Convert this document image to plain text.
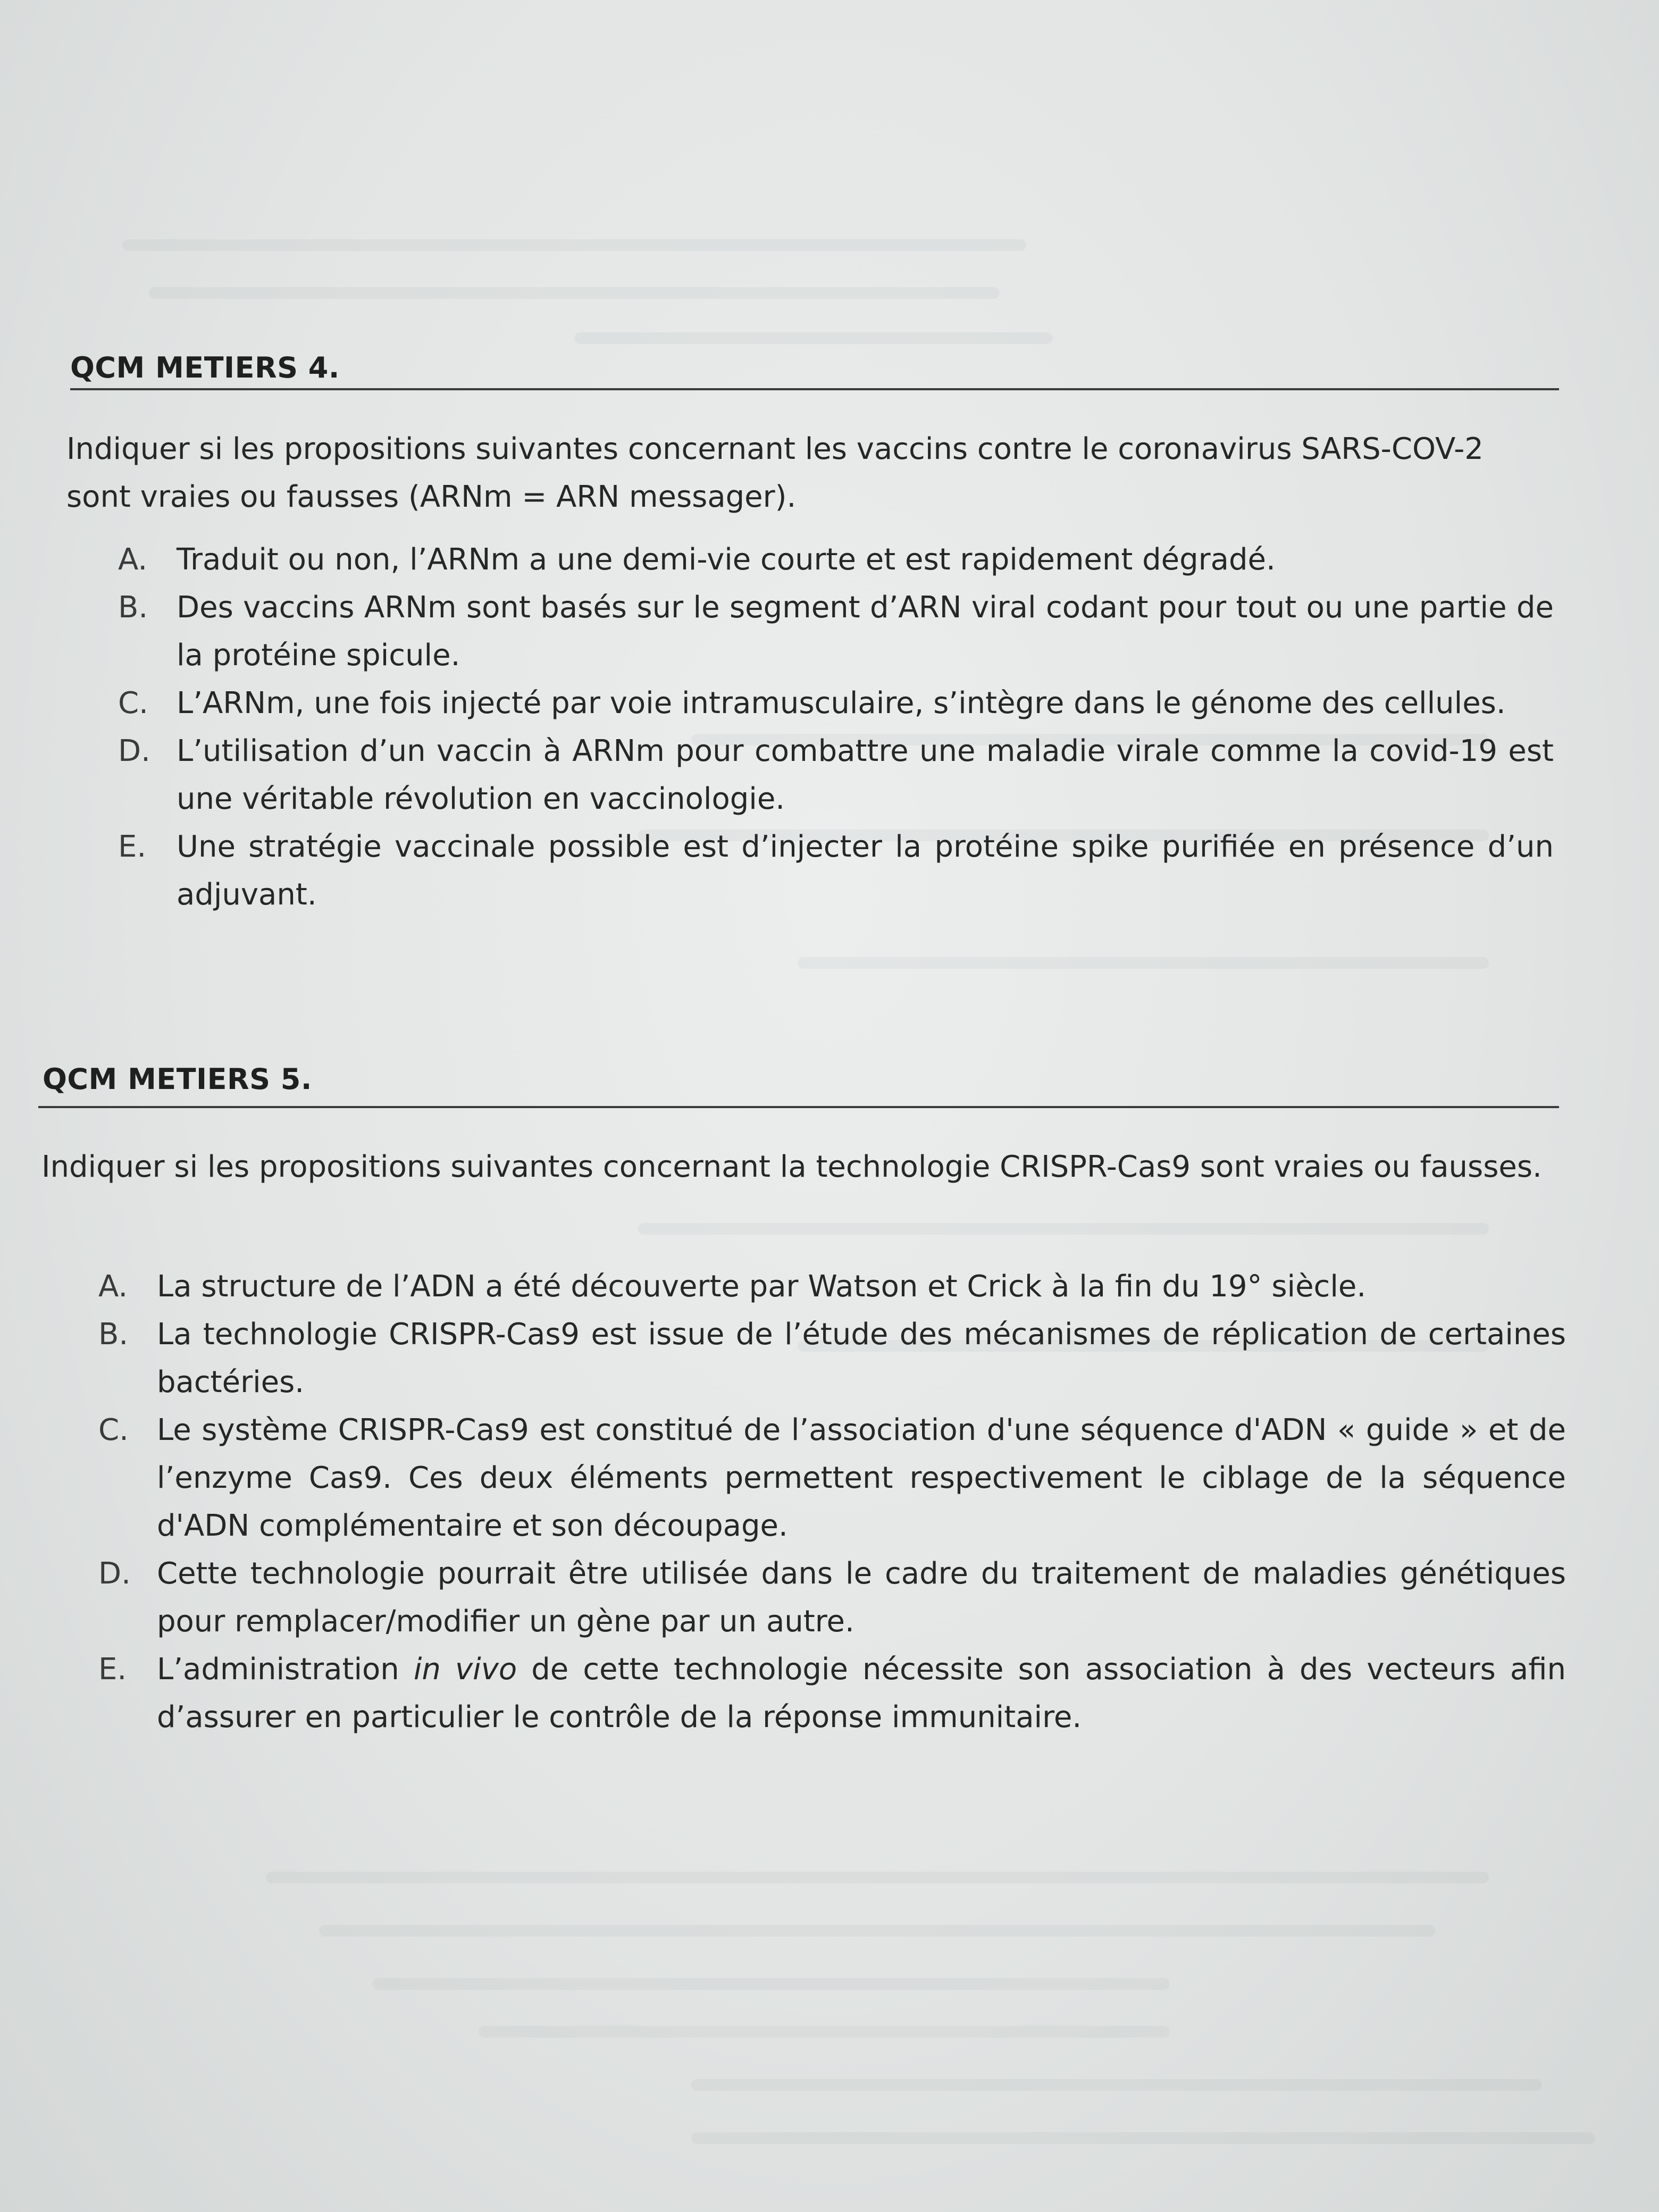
QCM METIERS 4.
Indiquer si les propositions suivantes concernant les vaccins contre le coronavirus SARS-COV-2 sont vraies ou fausses (ARNm = ARN messager).
A. Traduit ou non, l’ARNm a une demi-vie courte et est rapidement dégradé.
B. Des vaccins ARNm sont basés sur le segment d’ARN viral codant pour tout ou une partie de la protéine spicule.
C. L’ARNm, une fois injecté par voie intramusculaire, s’intègre dans le génome des cellules.
D. L’utilisation d’un vaccin à ARNm pour combattre une maladie virale comme la covid-19 est une véritable révolution en vaccinologie.
E.	Une stratégie vaccinale possible est d’injecter la protéine spike purifiée en présence d’un adjuvant.
QCM METIERS 5.
Indiquer si les propositions suivantes concernant la technologie CRISPR-Cas9 sont vraies ou fausses.
A. La structure de l’ADN a été découverte par Watson et Crick à la fin du 19° siècle.
B. La technologie CRISPR-Cas9 est issue de l’étude des mécanismes de réplication de certaines bactéries.
C. Le système CRISPR-Cas9 est constitué de l’association d'une séquence d'ADN « guide » et de l’enzyme Cas9. Ces deux éléments permettent respectivement le ciblage de la séquence d'ADN complémentaire et son découpage.
D. Cette technologie pourrait être utilisée dans le cadre du traitement de maladies génétiques pour remplacer/modifier un gène par un autre.
E.	L’administration in vivo de cette technologie nécessite son association à des vecteurs afin d’assurer en particulier le contrôle de la réponse immunitaire.
